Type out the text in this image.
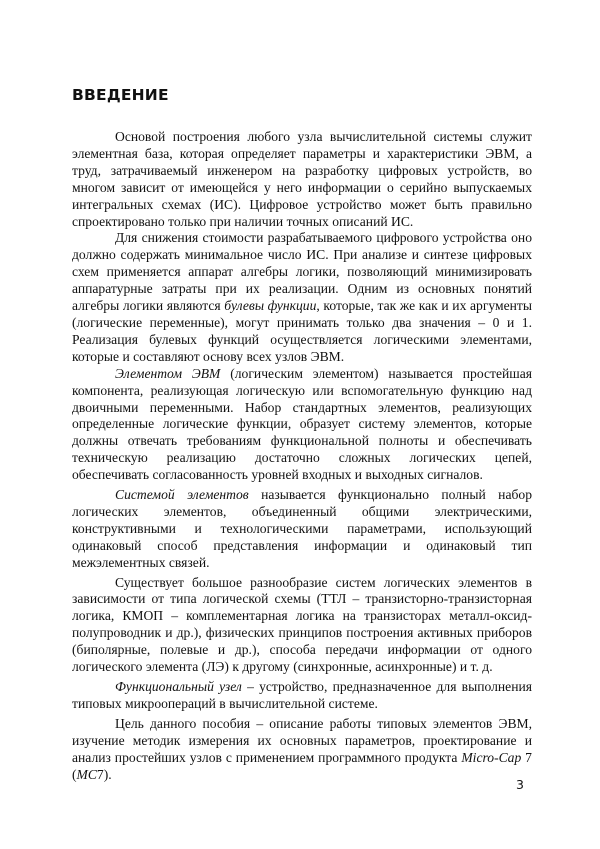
ВВЕДЕНИЕ

Основой построения любого узла вычислительной системы служит элементная база, которая определяет параметры и характеристики ЭВМ, а труд, затрачиваемый инженером на разработку цифровых устройств, во многом зависит от имеющейся у него информации о серийно выпускаемых интегральных схемах (ИС). Цифровое устройство может быть правильно спроектировано только при наличии точных описаний ИС.

Для снижения стоимости разрабатываемого цифрового устройства оно должно содержать минимальное число ИС. При анализе и синтезе цифровых схем применяется аппарат алгебры логики, позволяющий минимизировать аппаратурные затраты при их реализации. Одним из основных понятий алгебры логики являются булевы функции, которые, так же как и их аргументы (логические переменные), могут принимать только два значения – 0 и 1. Реализация булевых функций осуществляется логическими элементами, которые и составляют основу всех узлов ЭВМ.

Элементом ЭВМ (логическим элементом) называется простейшая компонента, реализующая логическую или вспомогательную функцию над двоичными переменными. Набор стандартных элементов, реализующих определенные логические функции, образует систему элементов, которые должны отвечать требованиям функциональной полноты и обеспечивать техническую реализацию достаточно сложных логических цепей, обеспечивать согласованность уровней входных и выходных сигналов.

Системой элементов называется функционально полный набор логических элементов, объединенный общими электрическими, конструктивными и технологическими параметрами, использующий одинаковый способ представления информации и одинаковый тип межэлементных связей.

Существует большое разнообразие систем логических элементов в зависимости от типа логической схемы (ТТЛ – транзисторно-транзисторная логика, КМОП – комплементарная логика на транзисторах металл-оксид-полупроводник и др.), физических принципов построения активных приборов (биполярные, полевые и др.), способа передачи информации от одного логического элемента (ЛЭ) к другому (синхронные, асинхронные) и т. д.

Функциональный узел – устройство, предназначенное для выполнения типовых микроопераций в вычислительной системе.

Цель данного пособия – описание работы типовых элементов ЭВМ, изучение методик измерения их основных параметров, проектирование и анализ простейших узлов с применением программного продукта Micro-Cap 7 (MC7).

3
